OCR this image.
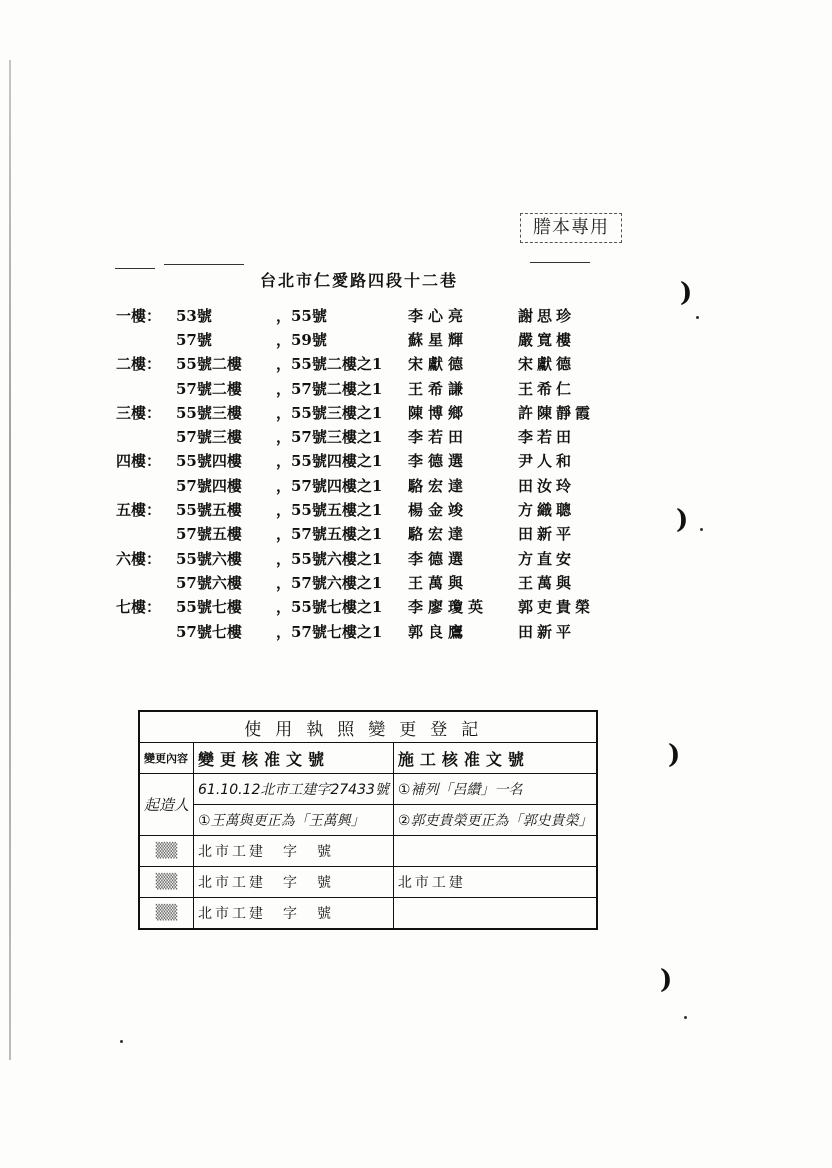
)
)
)
)
謄本專用
台北市仁愛路四段十二巷
一樓： 53號	，55號	李心亮	謝思珍
57號	，59號	蘇星輝	嚴寬樓
二樓： 55號二樓	，55號二樓之1	宋獻德	宋獻德
57號二樓	，57號二樓之1	王希謙	王希仁
三樓： 55號三樓	，55號三樓之1	陳博鄉	許陳靜霞
57號三樓	，57號三樓之1	李若田	李若田
四樓： 55號四樓	，55號四樓之1	李德選	尹人和
57號四樓	，57號四樓之1	駱宏達	田汝玲
五樓： 55號五樓	，55號五樓之1	楊金竣	方織聰
57號五樓	，57號五樓之1	駱宏達	田新平
六樓： 55號六樓	，55號六樓之1	李德選	方直安
57號六樓	，57號六樓之1	王萬與	王萬與
七樓： 55號七樓	，55號七樓之1	李廖瓊英	郭吏貴榮
57號七樓	，57號七樓之1	郭良鷹	田新平
使用執照變更登記		
變更內容	變更核准文號	施工核准文號
起造人	61.10.12北市工建字27433號	①補列「呂纘」一名
	①王萬與更正為「王萬興」	②郭吏貴榮更正為「郭史貴榮」
▒▒	北市工建　字　號	
▒▒	北市工建　字　號	北市工建
▒▒	北市工建　字　號	
